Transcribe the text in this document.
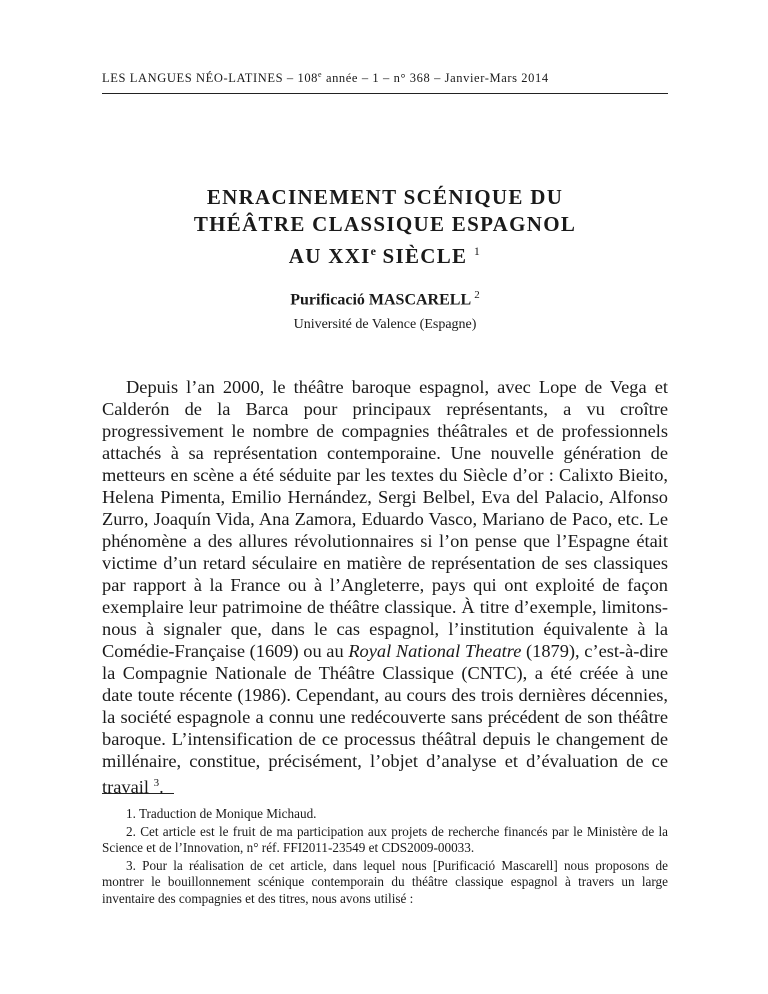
LES LANGUES NÉO-LATINES – 108e année – 1 – n° 368 – Janvier-Mars 2014
ENRACINEMENT SCÉNIQUE DU
THÉÂTRE CLASSIQUE ESPAGNOL
AU XXIe SIÈCLE $^1$
Purificació MASCARELL $^2$
Université de Valence (Espagne)

Depuis l’an 2000, le théâtre baroque espagnol, avec Lope de Vega et Calderón de la Barca pour principaux représentants, a vu croître progressivement le nombre de compagnies théâtrales et de professionnels attachés à sa représentation contemporaine. Une nouvelle génération de metteurs en scène a été séduite par les textes du Siècle d’or : Calixto Bieito, Helena Pimenta, Emilio Hernández, Sergi Belbel, Eva del Palacio, Alfonso Zurro, Joaquín Vida, Ana Zamora, Eduardo Vasco, Mariano de Paco, etc. Le phénomène a des allures révolutionnaires si l’on pense que l’Espagne était victime d’un retard séculaire en matière de représentation de ses classiques par rapport à la France ou à l’Angleterre, pays qui ont exploité de façon exemplaire leur patrimoine de théâtre classique. À titre d’exemple, limitons-nous à signaler que, dans le cas espagnol, l’institution équivalente à la Comédie-Française (1609) ou au Royal National Theatre (1879), c’est-à-dire la Compagnie Nationale de Théâtre Classique (CNTC), a été créée à une date toute récente (1986). Cependant, au cours des trois dernières décennies, la société espagnole a connu une redécouverte sans précédent de son théâtre baroque. L’intensification de ce processus théâtral depuis le changement de millénaire, constitue, précisément, l’objet d’analyse et d’évaluation de ce travail $^3$.

1. Traduction de Monique Michaud.

2. Cet article est le fruit de ma participation aux projets de recherche financés par le Ministère de la Science et de l’Innovation, n° réf. FFI2011-23549 et CDS2009-00033.

3. Pour la réalisation de cet article, dans lequel nous [Purificació Mascarell] nous proposons de montrer le bouillonnement scénique contemporain du théâtre classique espagnol à travers un large inventaire des compagnies et des titres, nous avons utilisé :
